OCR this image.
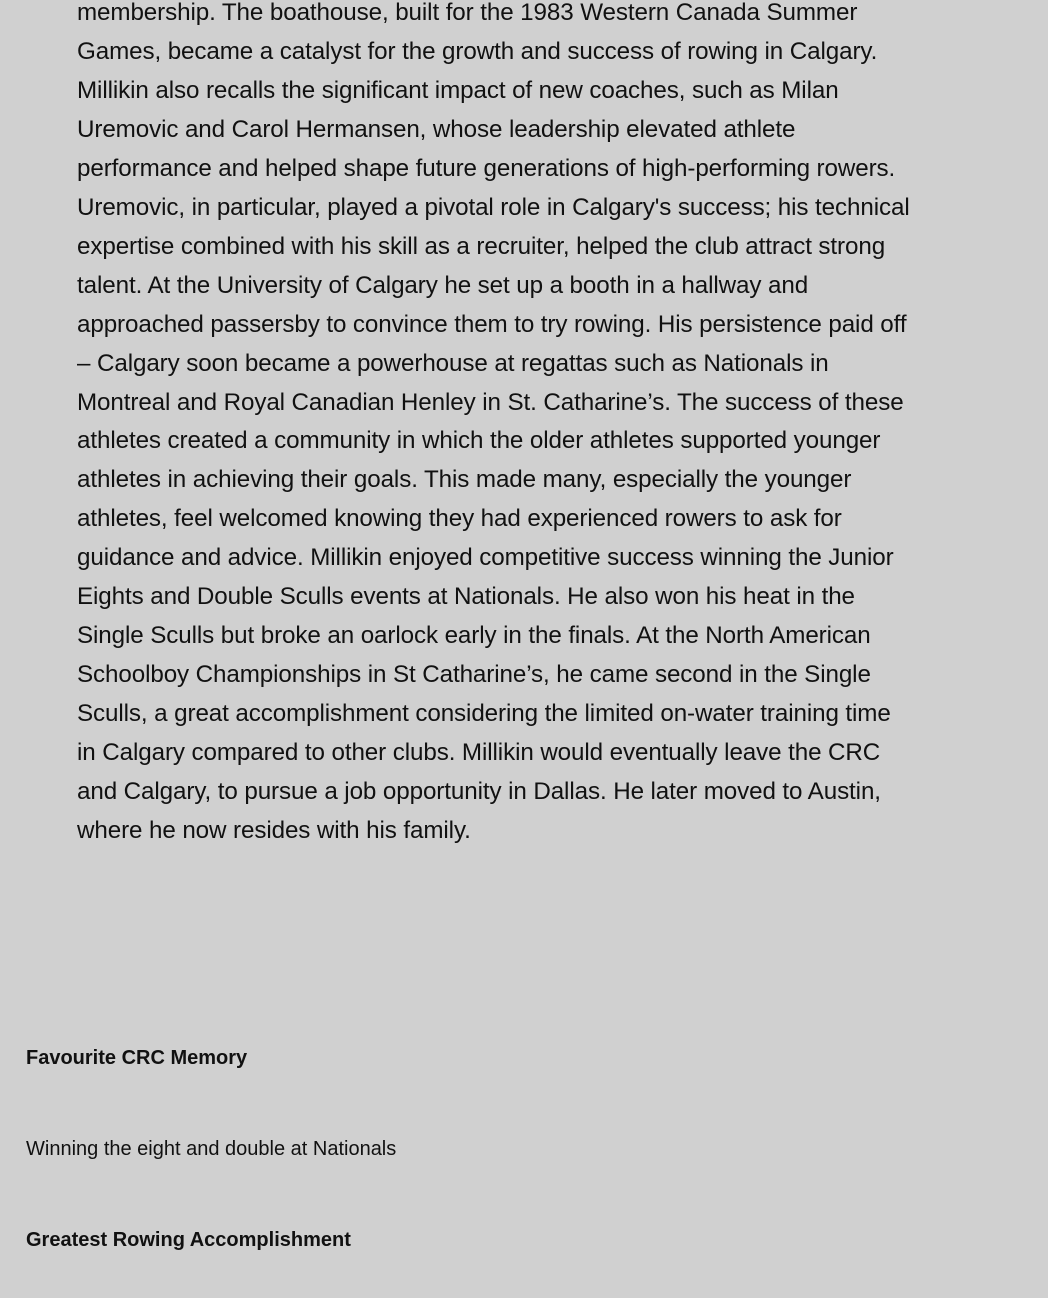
membership. The boathouse, built for the 1983 Western Canada Summer
Games, became a catalyst for the growth and success of rowing in Calgary.
Millikin also recalls the significant impact of new coaches, such as Milan
Uremovic and Carol Hermansen, whose leadership elevated athlete
performance and helped shape future generations of high-performing rowers.
Uremovic, in particular, played a pivotal role in Calgary's success; his technical
expertise combined with his skill as a recruiter, helped the club attract strong
talent. At the University of Calgary he set up a booth in a hallway and
approached passersby to convince them to try rowing. His persistence paid off
– Calgary soon became a powerhouse at regattas such as Nationals in
Montreal and Royal Canadian Henley in St. Catharine’s. The success of these
athletes created a community in which the older athletes supported younger
athletes in achieving their goals. This made many, especially the younger
athletes, feel welcomed knowing they had experienced rowers to ask for
guidance and advice. Millikin enjoyed competitive success winning the Junior
Eights and Double Sculls events at Nationals. He also won his heat in the
Single Sculls but broke an oarlock early in the finals. At the North American
Schoolboy Championships in St Catharine’s, he came second in the Single
Sculls, a great accomplishment considering the limited on-water training time
in Calgary compared to other clubs. Millikin would eventually leave the CRC
and Calgary, to pursue a job opportunity in Dallas. He later moved to Austin,
where he now resides with his family.

Favourite CRC Memory

Winning the eight and double at Nationals

Greatest Rowing Accomplishment
